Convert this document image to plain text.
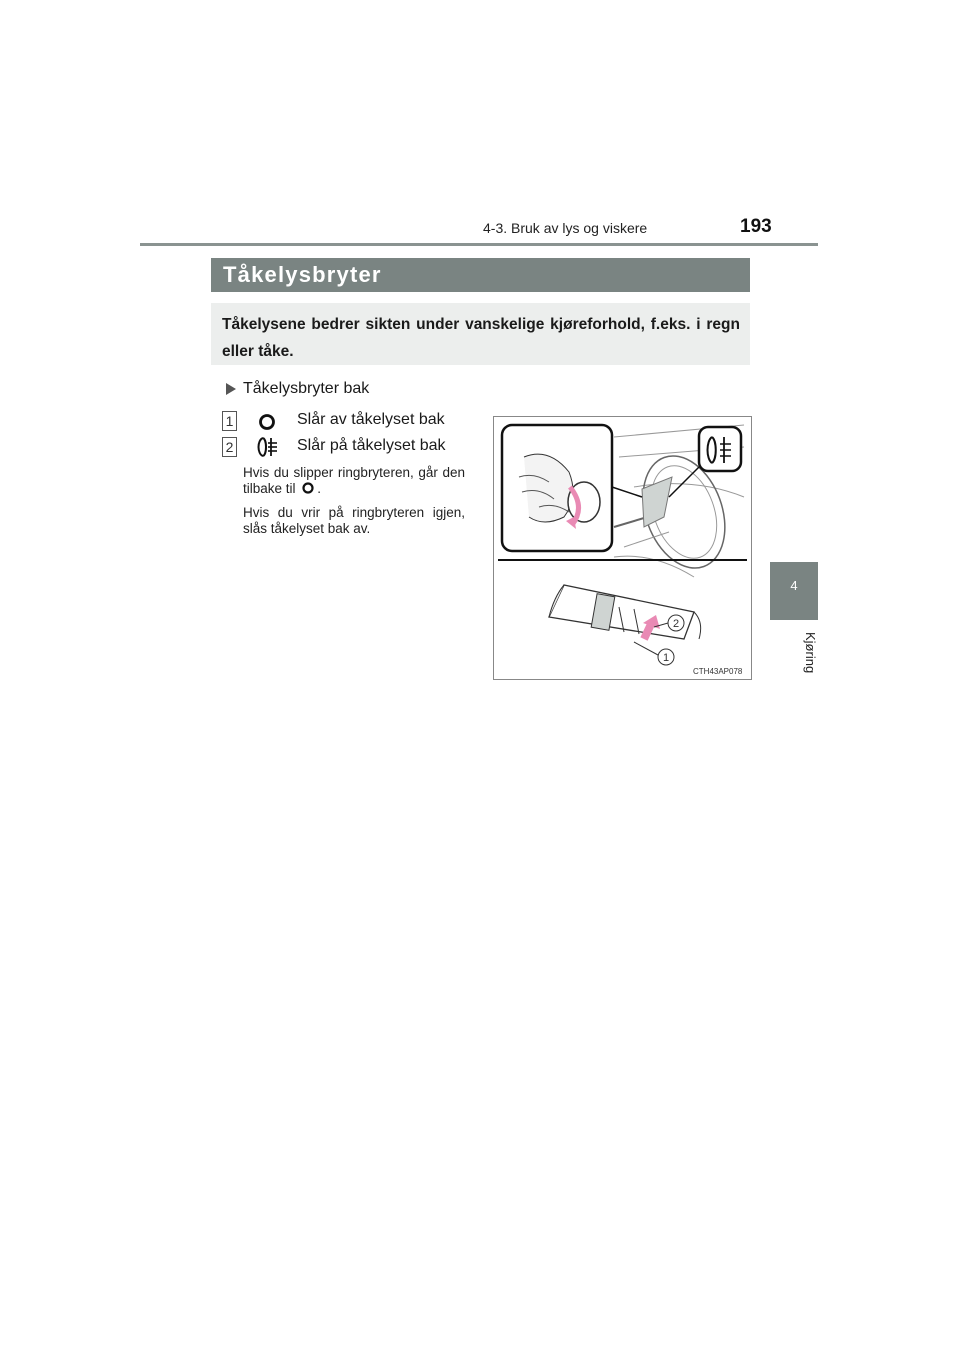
4-3. Bruk av lys og viskere	193
4
Kjøring
Tåkelysbryter
Tåkelysene bedrer sikten under vanskelige kjøreforhold, f.eks. i regn eller tåke.
Tåkelysbryter bak
1	Slår av tåkelyset bak
2	Slår på tåkelyset bak
Hvis du slipper ringbryteren, går den tilbake til .
Hvis du vrir på ringbryteren igjen, slås tåkelyset bak av.
2
1
CTH43AP078
